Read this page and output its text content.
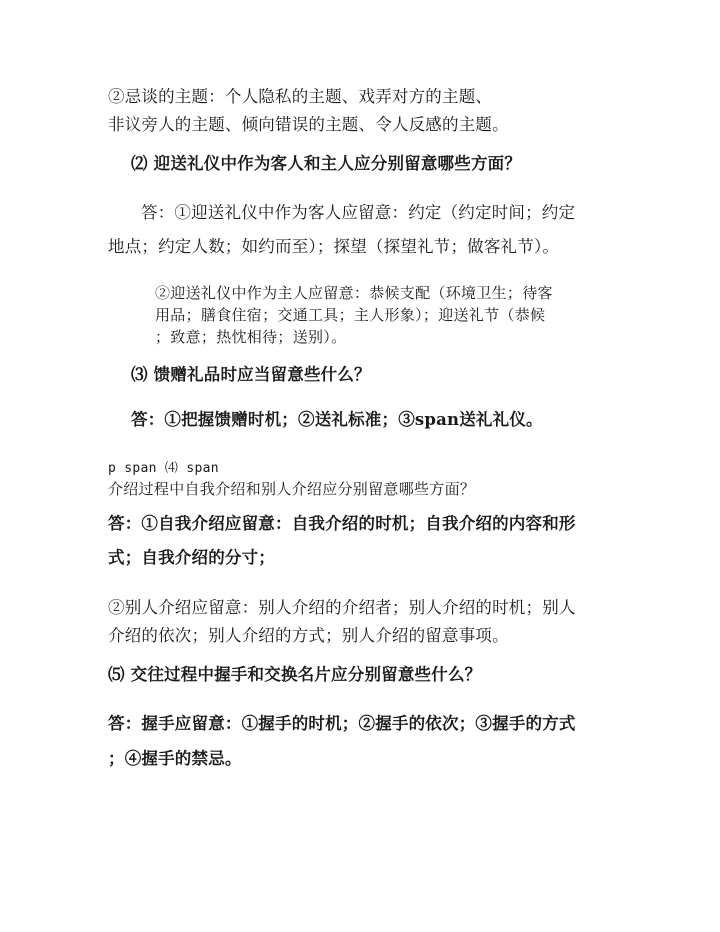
②忌谈的主题：个人隐私的主题、戏弄对方的主题、
非议旁人的主题、倾向错误的主题、令人反感的主题。
⑵ 迎送礼仪中作为客人和主人应分别留意哪些方面？
答：①迎送礼仪中作为客人应留意：约定（约定时间；约定
地点；约定人数；如约而至）；探望（探望礼节；做客礼节）。
②迎送礼仪中作为主人应留意：恭候支配（环境卫生；待客
用品；膳食住宿；交通工具；主人形象）；迎送礼节（恭候
；致意；热忱相待；送别）。
⑶ 馈赠礼品时应当留意些什么？
答：①把握馈赠时机；②送礼标准；③span送礼礼仪。
p span ⑷ span
介绍过程中自我介绍和别人介绍应分别留意哪些方面？
答：①自我介绍应留意：自我介绍的时机；自我介绍的内容和形
式；自我介绍的分寸；
②别人介绍应留意：别人介绍的介绍者；别人介绍的时机；别人
介绍的依次；别人介绍的方式；别人介绍的留意事项。
⑸ 交往过程中握手和交换名片应分别留意些什么？
答：握手应留意：①握手的时机；②握手的依次；③握手的方式
；④握手的禁忌。
